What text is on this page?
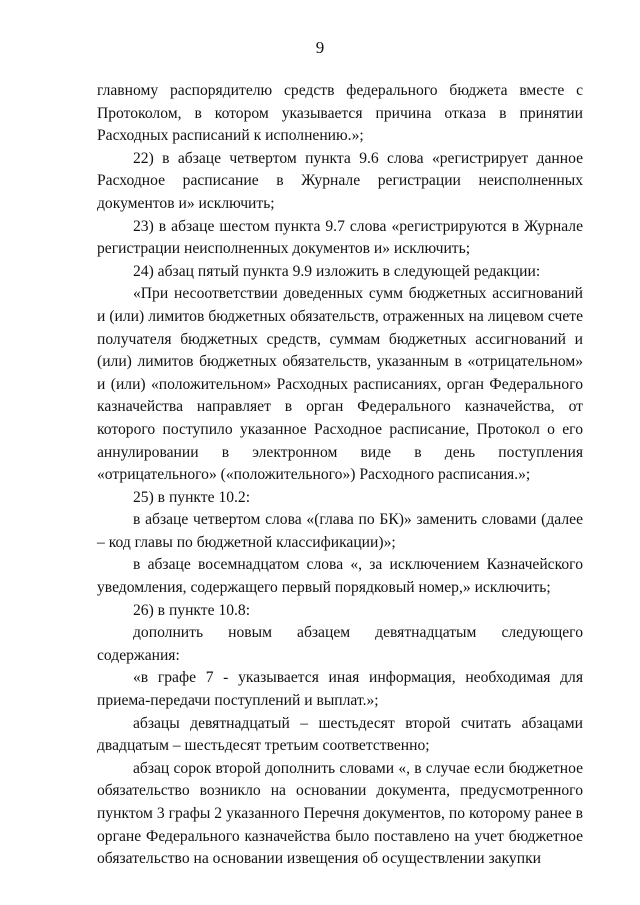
9

главному распорядителю средств федерального бюджета вместе с Протоколом, в котором указывается причина отказа в принятии Расходных расписаний к исполнению.»;

22) в абзаце четвертом пункта 9.6 слова «регистрирует данное Расходное расписание в Журнале регистрации неисполненных документов и» исключить;

23) в абзаце шестом пункта 9.7 слова «регистрируются в Журнале регистрации неисполненных документов и» исключить;

24) абзац пятый пункта 9.9 изложить в следующей редакции:

«При несоответствии доведенных сумм бюджетных ассигнований и (или) лимитов бюджетных обязательств, отраженных на лицевом счете получателя бюджетных средств, суммам бюджетных ассигнований и (или) лимитов бюджетных обязательств, указанным в «отрицательном» и (или) «положительном» Расходных расписаниях, орган Федерального казначейства направляет в орган Федерального казначейства, от которого поступило указанное Расходное расписание, Протокол о его аннулировании в электронном виде в день поступления «отрицательного» («положительного») Расходного расписания.»;

25) в пункте 10.2:

в абзаце четвертом слова «(глава по БК)» заменить словами (далее – код главы по бюджетной классификации)»;

в абзаце восемнадцатом слова «, за исключением Казначейского уведомления, содержащего первый порядковый номер,» исключить;

26) в пункте 10.8:

дополнить новым абзацем девятнадцатым следующего содержания:

«в графе 7 - указывается иная информация, необходимая для приема-передачи поступлений и выплат.»;

абзацы девятнадцатый – шестьдесят второй считать абзацами двадцатым – шестьдесят третьим соответственно;

абзац сорок второй дополнить словами «, в случае если бюджетное обязательство возникло на основании документа, предусмотренного пунктом 3 графы 2 указанного Перечня документов, по которому ранее в органе Федерального казначейства было поставлено на учет бюджетное обязательство на основании извещения об осуществлении закупки
